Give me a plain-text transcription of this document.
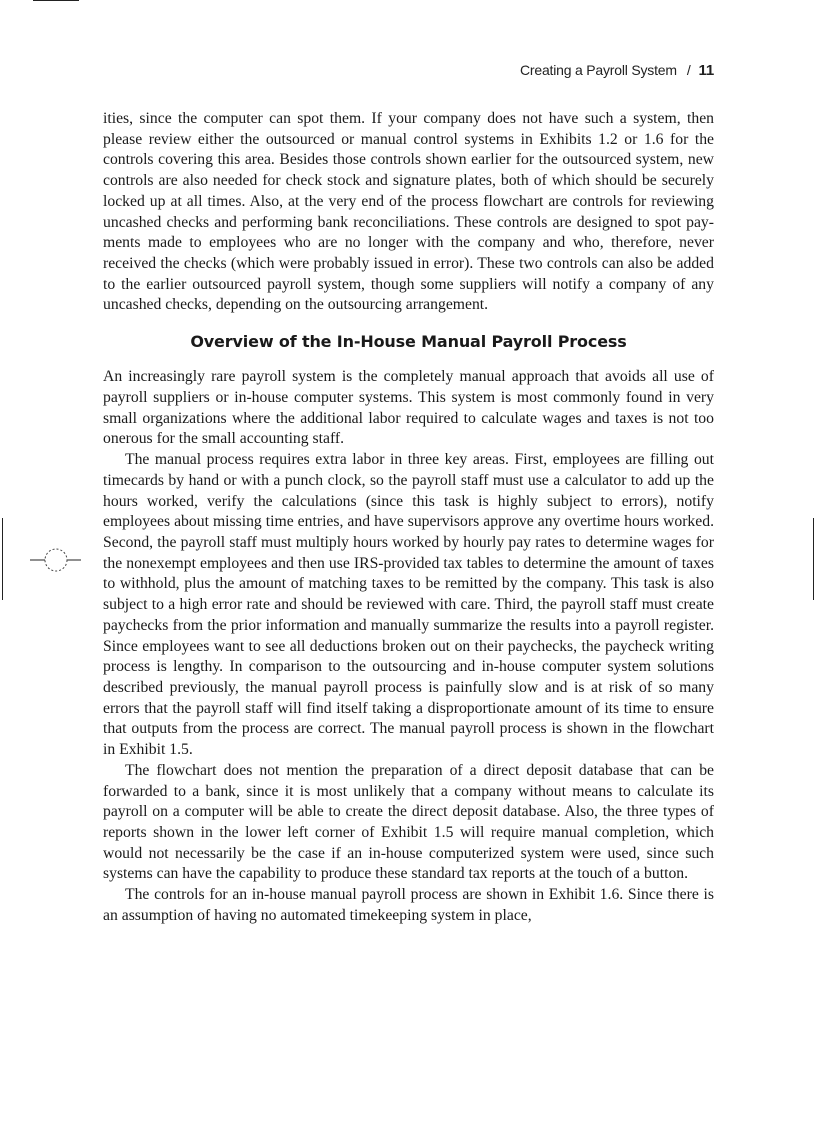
Creating a Payroll System / 11

ities, since the computer can spot them. If your company does not have such a system, then please review either the outsourced or manual control systems in Exhibits 1.2 or 1.6 for the controls covering this area. Besides those controls shown earlier for the outsourced system, new controls are also needed for check stock and signature plates, both of which should be securely locked up at all times. Also, at the very end of the process flowchart are controls for reviewing uncashed checks and performing bank reconciliations. These controls are designed to spot payments made to employees who are no longer with the company and who, therefore, never received the checks (which were probably issued in error). These two controls can also be added to the earlier outsourced payroll system, though some suppliers will notify a company of any uncashed checks, depending on the outsourcing arrangement.

Overview of the In-House Manual Payroll Process

An increasingly rare payroll system is the completely manual approach that avoids all use of payroll suppliers or in-house computer systems. This system is most commonly found in very small organizations where the additional labor required to calculate wages and taxes is not too onerous for the small accounting staff.

The manual process requires extra labor in three key areas. First, employees are filling out timecards by hand or with a punch clock, so the payroll staff must use a calculator to add up the hours worked, verify the calculations (since this task is highly subject to errors), notify employees about missing time entries, and have supervisors approve any overtime hours worked. Second, the payroll staff must multiply hours worked by hourly pay rates to determine wages for the nonexempt employees and then use IRS-provided tax tables to determine the amount of taxes to withhold, plus the amount of matching taxes to be remitted by the company. This task is also subject to a high error rate and should be reviewed with care. Third, the payroll staff must create paychecks from the prior information and manually summarize the results into a payroll register. Since employees want to see all deductions broken out on their paychecks, the paycheck writing process is lengthy. In comparison to the outsourcing and in-house computer system solutions described previously, the manual payroll process is painfully slow and is at risk of so many errors that the payroll staff will find itself taking a disproportionate amount of its time to ensure that outputs from the process are correct. The manual payroll process is shown in the flowchart in Exhibit 1.5.

The flowchart does not mention the preparation of a direct deposit database that can be forwarded to a bank, since it is most unlikely that a company without means to calculate its payroll on a computer will be able to create the direct deposit database. Also, the three types of reports shown in the lower left corner of Exhibit 1.5 will require manual completion, which would not necessarily be the case if an in-house computerized system were used, since such systems can have the capability to produce these standard tax reports at the touch of a button.

The controls for an in-house manual payroll process are shown in Exhibit 1.6. Since there is an assumption of having no automated timekeeping system in place,
